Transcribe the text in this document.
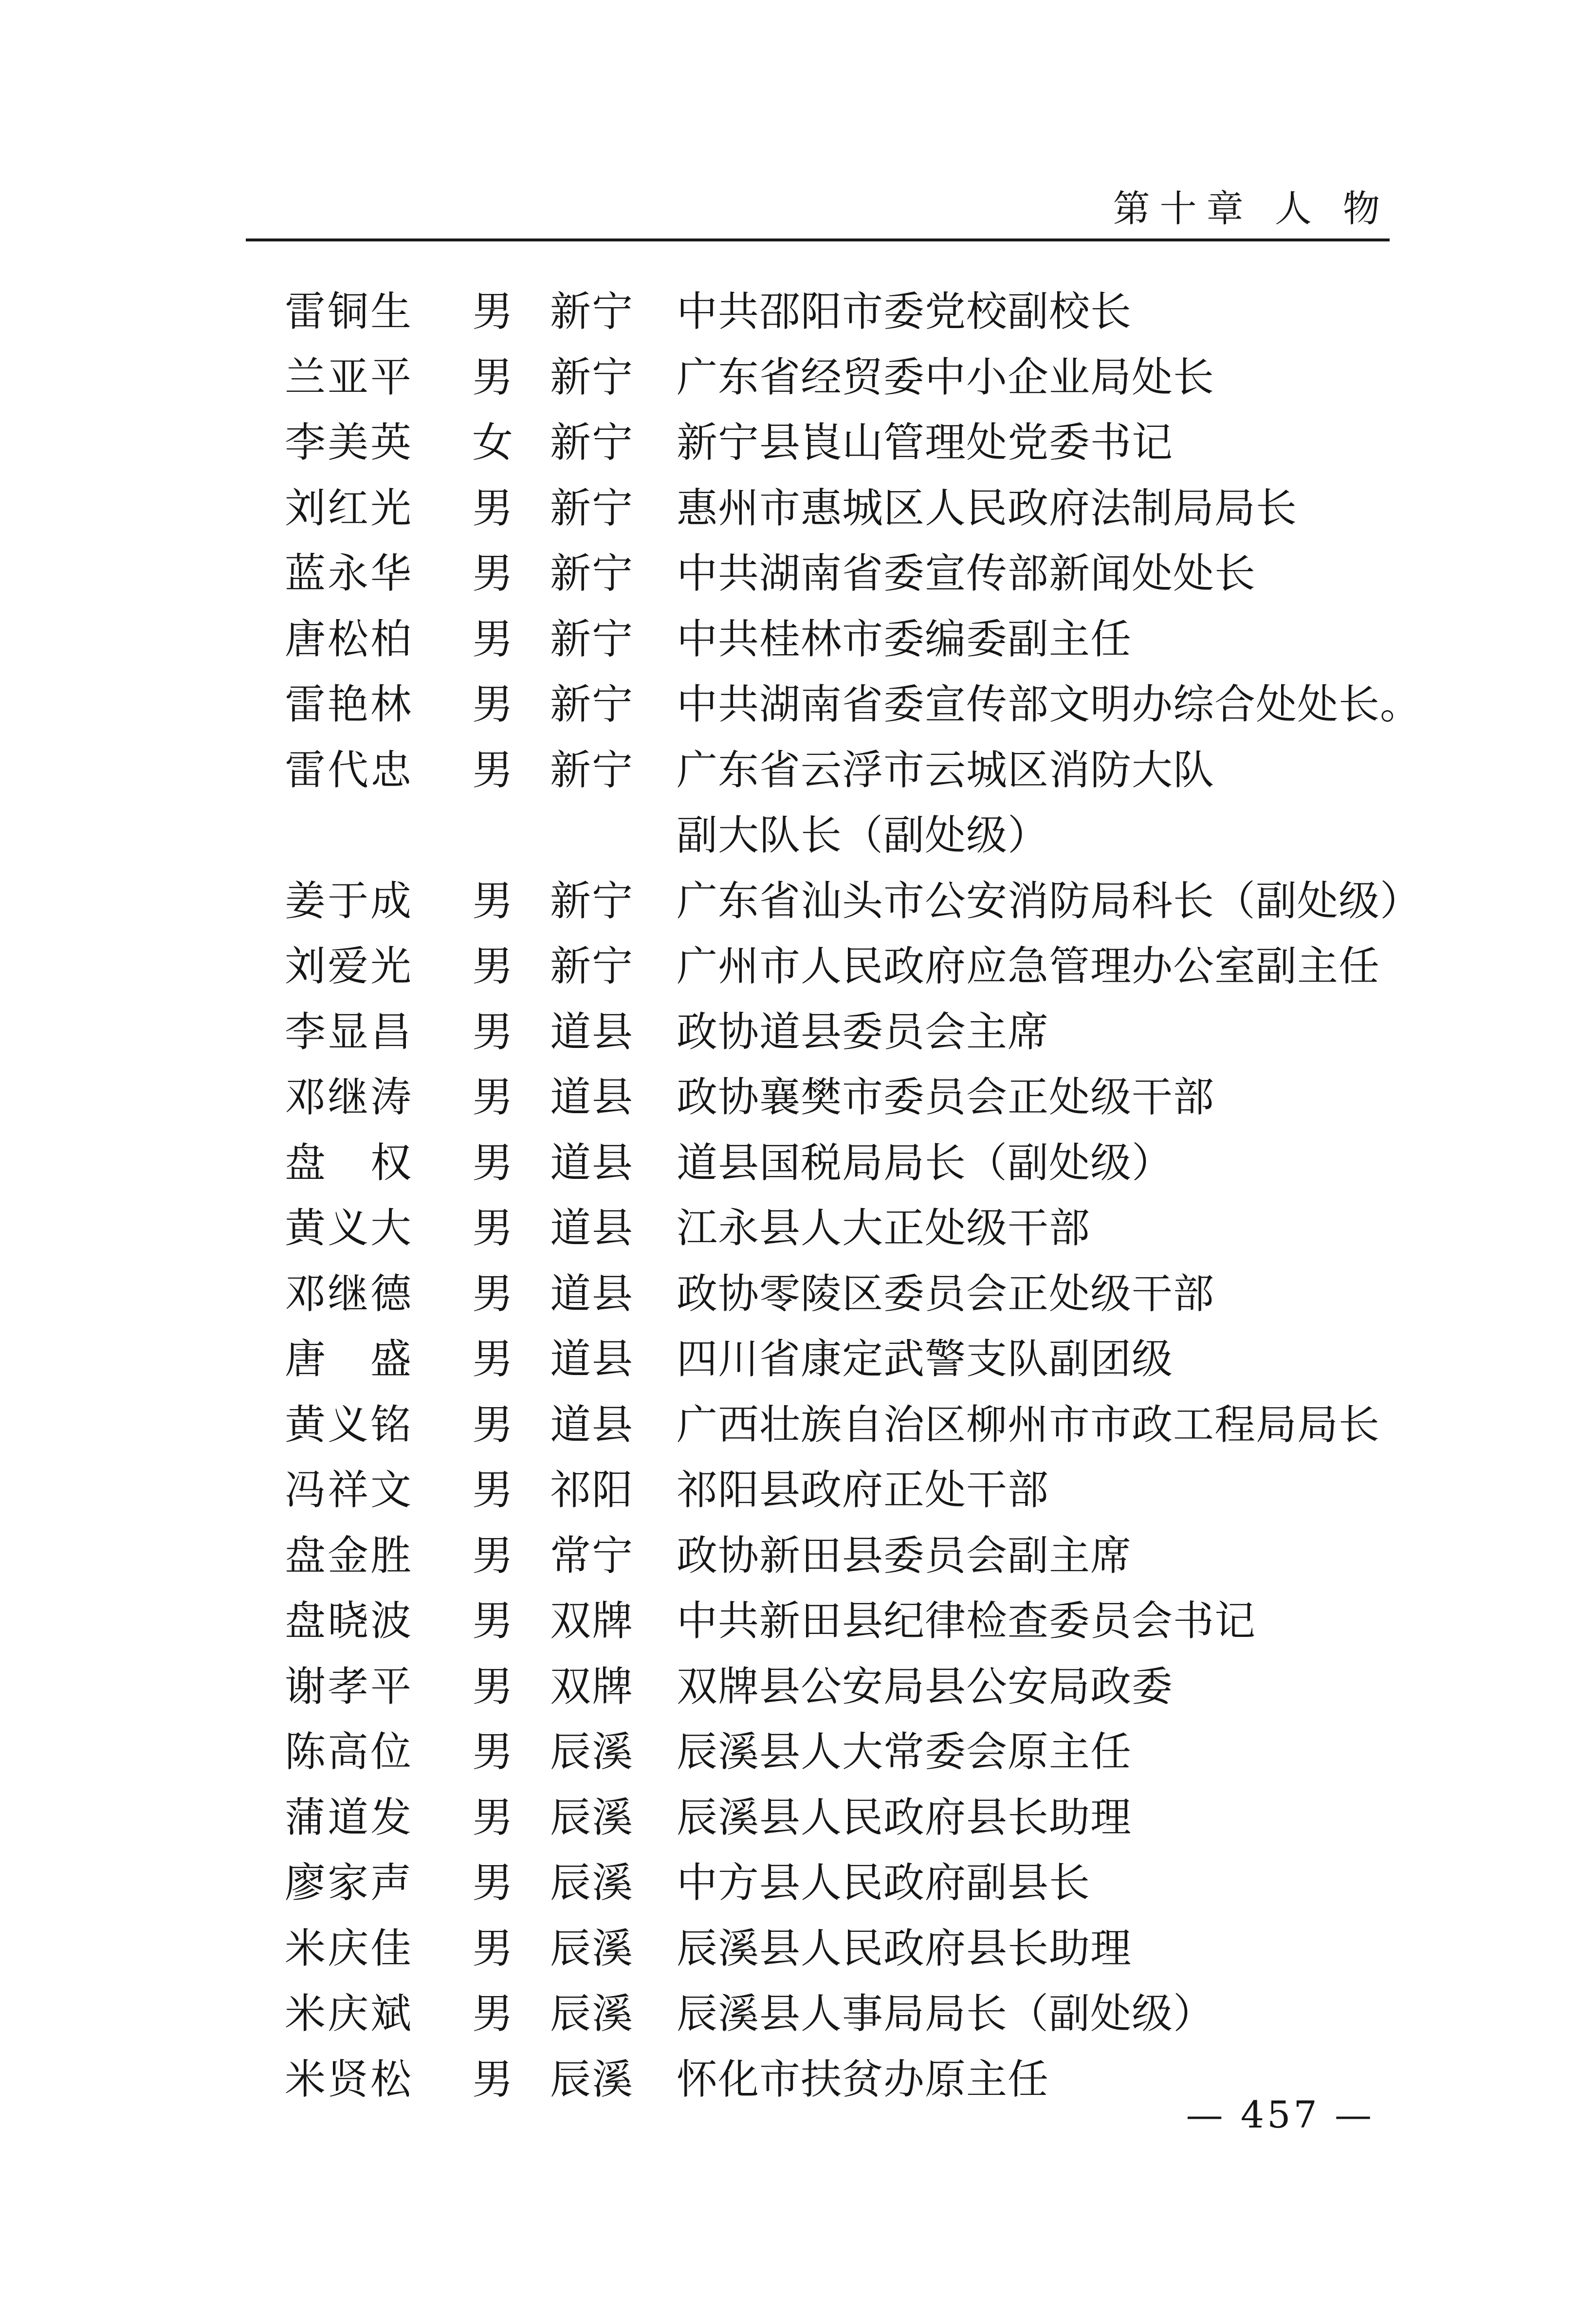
第十章 人 物
雷铜生 男 新宁 中共邵阳市委党校副校长
兰亚平 男 新宁 广东省经贸委中小企业局处长
李美英 女 新宁 新宁县崀山管理处党委书记
刘红光 男 新宁 惠州市惠城区人民政府法制局局长
蓝永华 男 新宁 中共湖南省委宣传部新闻处处长
唐松柏 男 新宁 中共桂林市委编委副主任
雷艳林 男 新宁 中共湖南省委宣传部文明办综合处处长。
雷代忠 男 新宁 广东省云浮市云城区消防大队
副大队长（副处级）
姜于成 男 新宁 广东省汕头市公安消防局科长（副处级）
刘爱光 男 新宁 广州市人民政府应急管理办公室副主任
李显昌 男 道县 政协道县委员会主席
邓继涛 男 道县 政协襄樊市委员会正处级干部
盘　权 男 道县 道县国税局局长（副处级）
黄义大 男 道县 江永县人大正处级干部
邓继德 男 道县 政协零陵区委员会正处级干部
唐　盛 男 道县 四川省康定武警支队副团级
黄义铭 男 道县 广西壮族自治区柳州市市政工程局局长
冯祥文 男 祁阳 祁阳县政府正处干部
盘金胜 男 常宁 政协新田县委员会副主席
盘晓波 男 双牌 中共新田县纪律检查委员会书记
谢孝平 男 双牌 双牌县公安局县公安局政委
陈高位 男 辰溪 辰溪县人大常委会原主任
蒲道发 男 辰溪 辰溪县人民政府县长助理
廖家声 男 辰溪 中方县人民政府副县长
米庆佳 男 辰溪 辰溪县人民政府县长助理
米庆斌 男 辰溪 辰溪县人事局局长（副处级）
米贤松 男 辰溪 怀化市扶贫办原主任
— 457 —
